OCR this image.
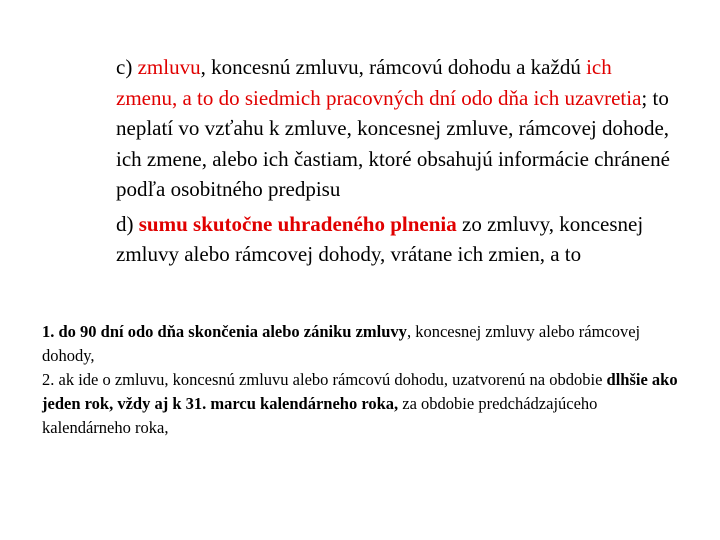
c) zmluvu, koncesnú zmluvu, rámcovú dohodu a každú ich zmenu, a to do siedmich pracovných dní odo dňa ich uzavretia; to neplatí vo vzťahu k zmluve, koncesnej zmluve, rámcovej dohode, ich zmene, alebo ich častiam, ktoré obsahujú informácie chránené podľa osobitného predpisu

d) sumu skutočne uhradeného plnenia zo zmluvy, koncesnej zmluvy alebo rámcovej dohody, vrátane ich zmien, a to

1. do 90 dní odo dňa skončenia alebo zániku zmluvy, koncesnej zmluvy alebo rámcovej dohody,

2. ak ide o zmluvu, koncesnú zmluvu alebo rámcovú dohodu, uzatvorenú na obdobie dlhšie ako jeden rok, vždy aj k 31. marcu kalendárneho roka, za obdobie predchádzajúceho kalendárneho roka,
